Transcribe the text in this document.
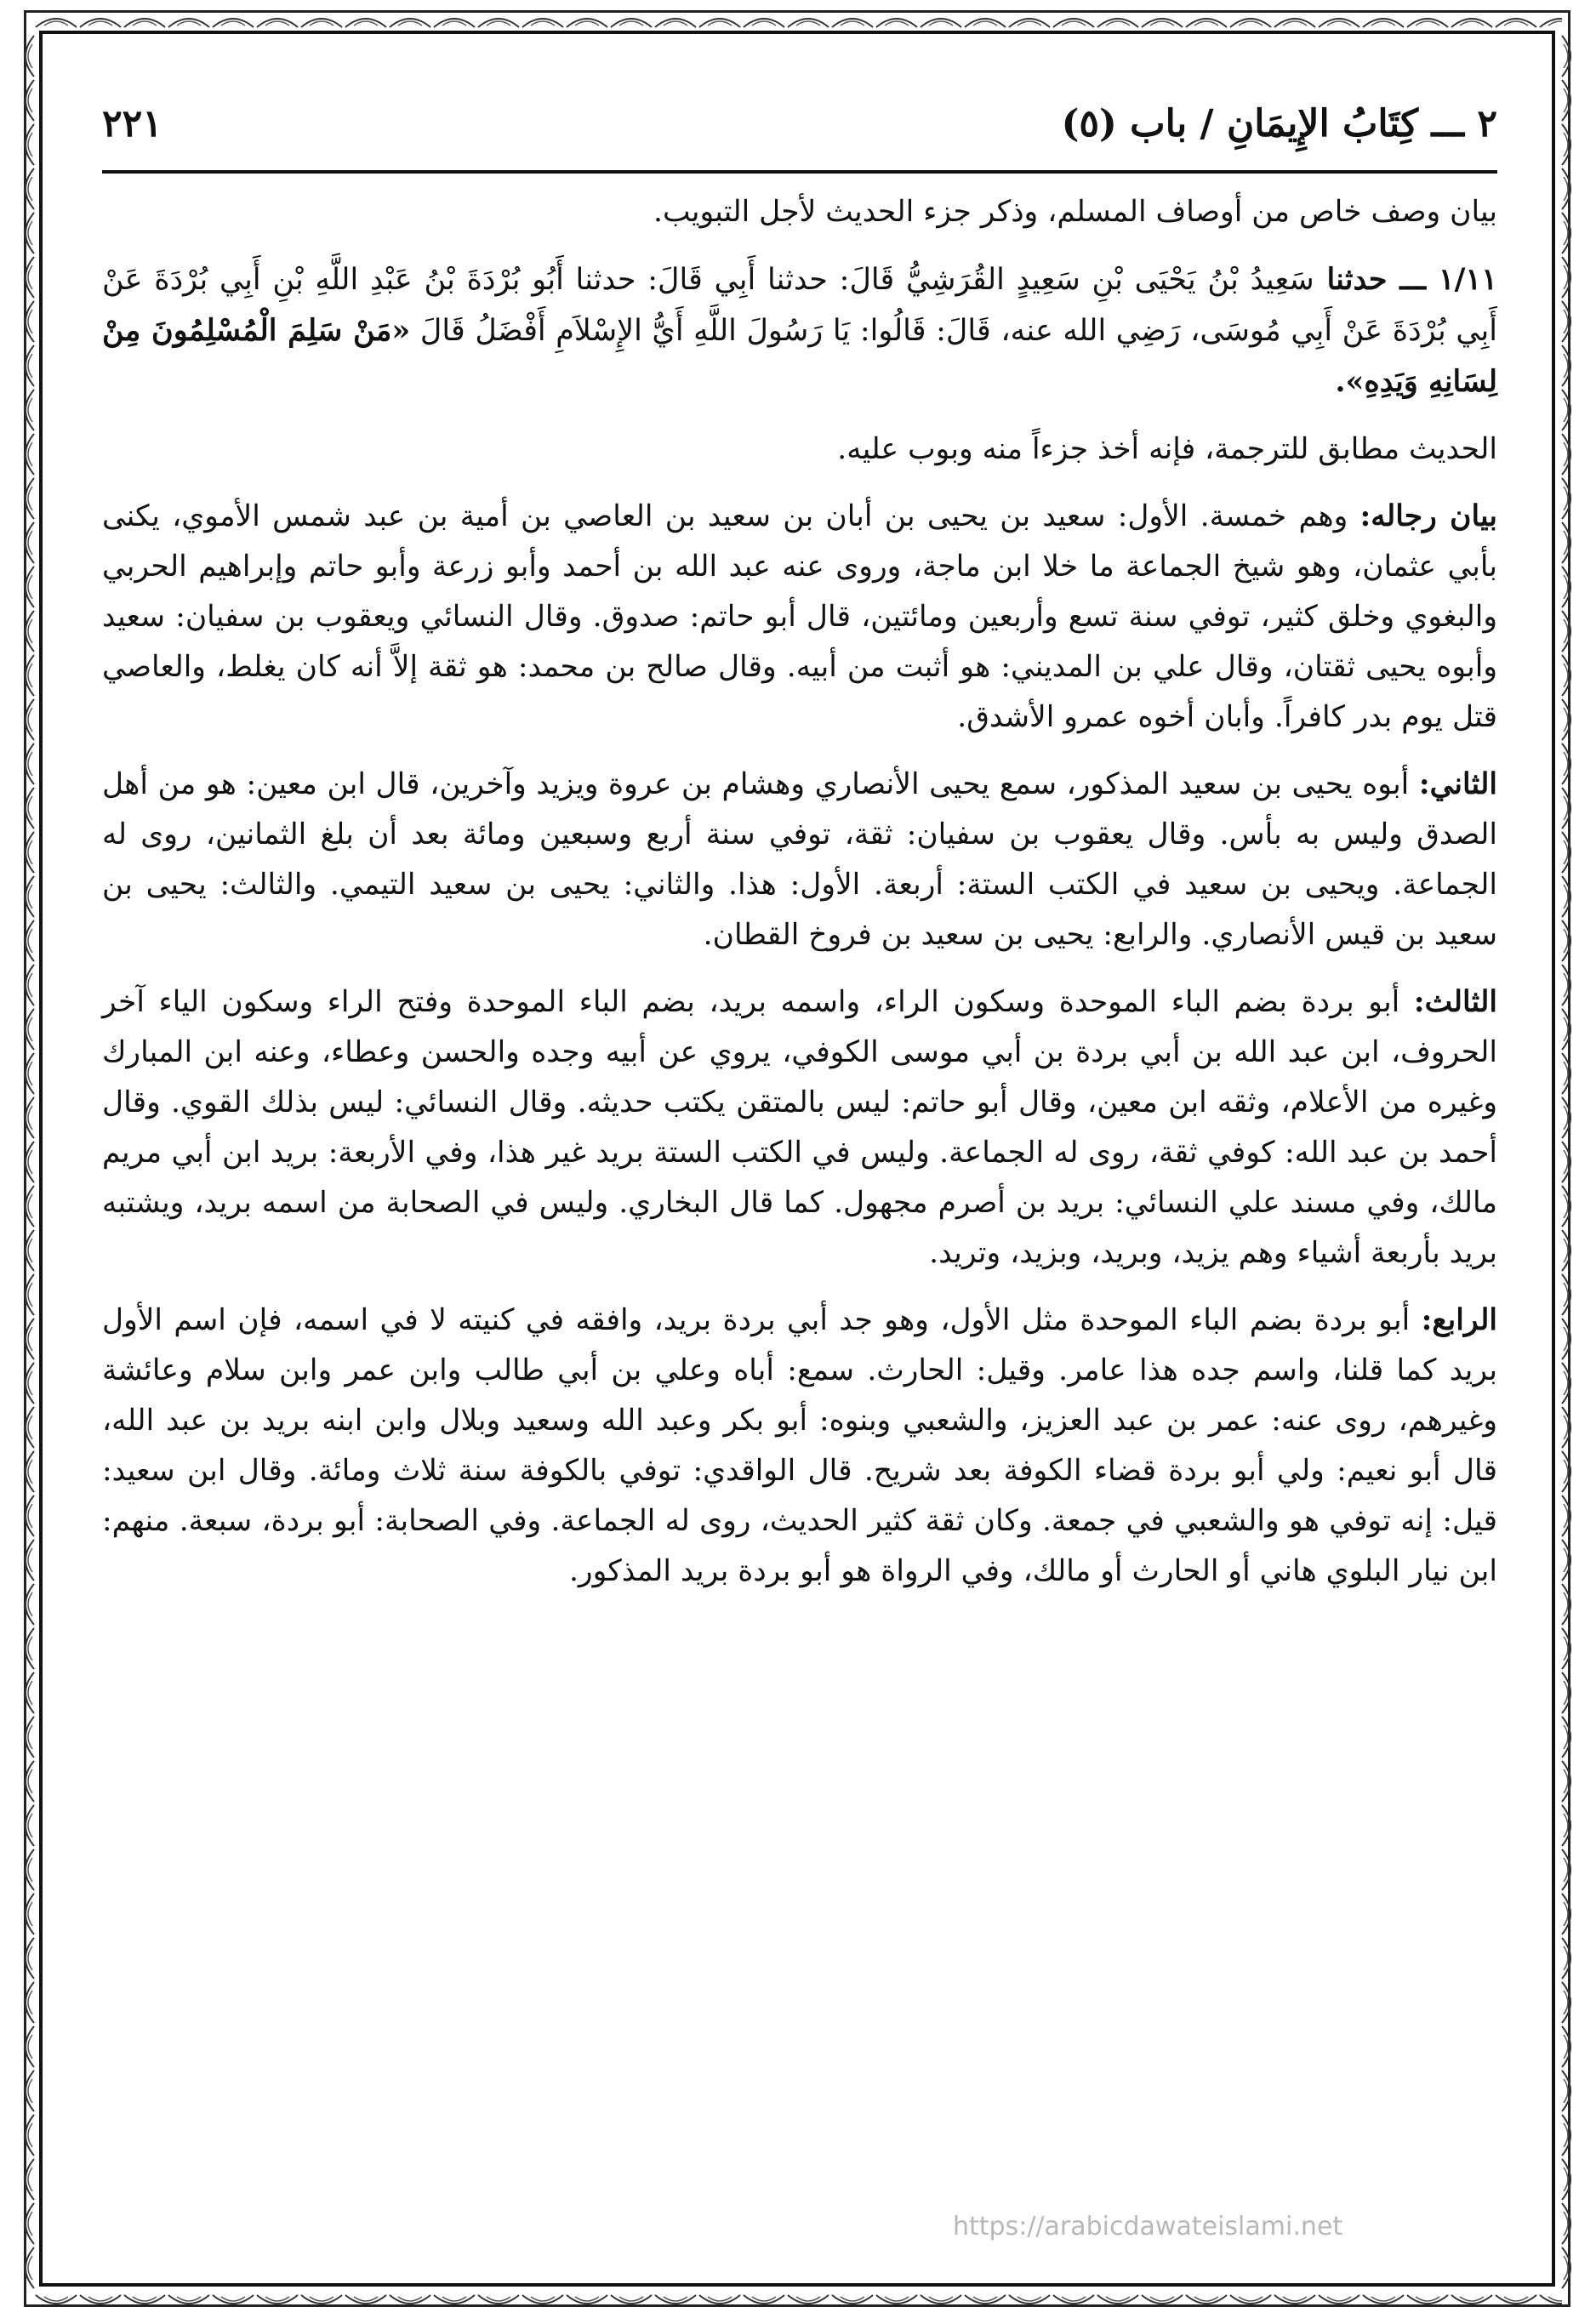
٢ ـــ كِتَابُ الإِيمَانِ / باب (٥)
٢٢١

بيان وصف خاص من أوصاف المسلم، وذكر جزء الحديث لأجل التبويب.

١/١١ ـــ حدثنا سَعِيدُ بْنُ يَحْيَى بْنِ سَعِيدٍ القُرَشِيُّ قَالَ: حدثنا أَبِي قَالَ: حدثنا أَبُو بُرْدَةَ بْنُ عَبْدِ اللَّهِ بْنِ أَبِي بُرْدَةَ عَنْ أَبِي بُرْدَةَ عَنْ أَبِي مُوسَى، رَضِي الله عنه، قَالَ: قَالُوا: يَا رَسُولَ اللَّهِ أَيُّ الإِسْلاَمِ أَفْضَلُ قَالَ «مَنْ سَلِمَ الْمُسْلِمُونَ مِنْ لِسَانِهِ وَيَدِهِ».

الحديث مطابق للترجمة، فإنه أخذ جزءاً منه وبوب عليه.

بيان رجاله: وهم خمسة. الأول: سعيد بن يحيى بن أبان بن سعيد بن العاصي بن أمية بن عبد شمس الأموي، يكنى بأبي عثمان، وهو شيخ الجماعة ما خلا ابن ماجة، وروى عنه عبد الله بن أحمد وأبو زرعة وأبو حاتم وإبراهيم الحربي والبغوي وخلق كثير، توفي سنة تسع وأربعين ومائتين، قال أبو حاتم: صدوق. وقال النسائي ويعقوب بن سفيان: سعيد وأبوه يحيى ثقتان، وقال علي بن المديني: هو أثبت من أبيه. وقال صالح بن محمد: هو ثقة إلاَّ أنه كان يغلط، والعاصي قتل يوم بدر كافراً. وأبان أخوه عمرو الأشدق.

الثاني: أبوه يحيى بن سعيد المذكور، سمع يحيى الأنصاري وهشام بن عروة ويزيد وآخرين، قال ابن معين: هو من أهل الصدق وليس به بأس. وقال يعقوب بن سفيان: ثقة، توفي سنة أربع وسبعين ومائة بعد أن بلغ الثمانين، روى له الجماعة. ويحيى بن سعيد في الكتب الستة: أربعة. الأول: هذا. والثاني: يحيى بن سعيد التيمي. والثالث: يحيى بن سعيد بن قيس الأنصاري. والرابع: يحيى بن سعيد بن فروخ القطان.

الثالث: أبو بردة بضم الباء الموحدة وسكون الراء، واسمه بريد، بضم الباء الموحدة وفتح الراء وسكون الياء آخر الحروف، ابن عبد الله بن أبي بردة بن أبي موسى الكوفي، يروي عن أبيه وجده والحسن وعطاء، وعنه ابن المبارك وغيره من الأعلام، وثقه ابن معين، وقال أبو حاتم: ليس بالمتقن يكتب حديثه. وقال النسائي: ليس بذلك القوي. وقال أحمد بن عبد الله: كوفي ثقة، روى له الجماعة. وليس في الكتب الستة بريد غير هذا، وفي الأربعة: بريد ابن أبي مريم مالك، وفي مسند علي النسائي: بريد بن أصرم مجهول. كما قال البخاري. وليس في الصحابة من اسمه بريد، ويشتبه بريد بأربعة أشياء وهم يزيد، وبريد، وبزيد، وتريد.

الرابع: أبو بردة بضم الباء الموحدة مثل الأول، وهو جد أبي بردة بريد، وافقه في كنيته لا في اسمه، فإن اسم الأول بريد كما قلنا، واسم جده هذا عامر. وقيل: الحارث. سمع: أباه وعلي بن أبي طالب وابن عمر وابن سلام وعائشة وغيرهم، روى عنه: عمر بن عبد العزيز، والشعبي وبنوه: أبو بكر وعبد الله وسعيد وبلال وابن ابنه بريد بن عبد الله، قال أبو نعيم: ولي أبو بردة قضاء الكوفة بعد شريح. قال الواقدي: توفي بالكوفة سنة ثلاث ومائة. وقال ابن سعيد: قيل: إنه توفي هو والشعبي في جمعة. وكان ثقة كثير الحديث، روى له الجماعة. وفي الصحابة: أبو بردة، سبعة. منهم: ابن نيار البلوي هاني أو الحارث أو مالك، وفي الرواة هو أبو بردة بريد المذكور.

https://arabicdawateislami.net
